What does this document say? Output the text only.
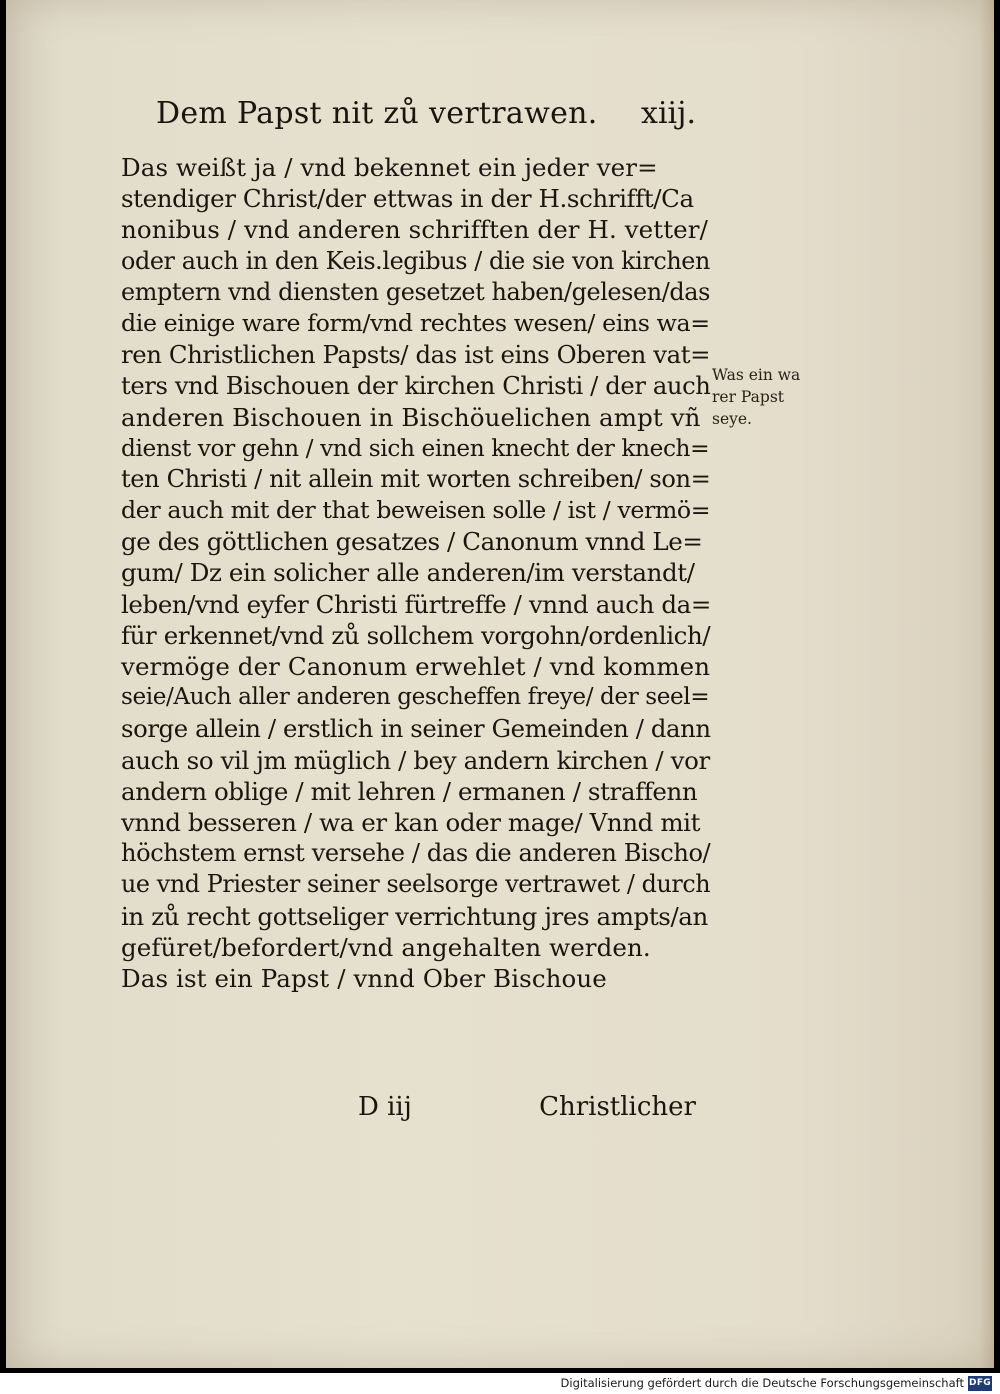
Dem Papst nit zů vertrawen. xiij.
Das weißt ja / vnd bekennet ein jeder ver=
stendiger Christ/der ettwas in der H.schrifft/Ca
nonibus / vnd anderen schrifften der H. vetter/
oder auch in den Keis.legibus / die sie von kirchen
emptern vnd diensten gesetzet haben/gelesen/das
die einige ware form/vnd rechtes wesen/ eins wa=
ren Christlichen Papsts/ das ist eins Oberen vat=
ters vnd Bischouen der kirchen Christi / der auch
anderen Bischouen in Bischöuelichen ampt vñ
dienst vor gehn / vnd sich einen knecht der knech=
ten Christi / nit allein mit worten schreiben/ son=
der auch mit der that beweisen solle / ist / vermö=
ge des göttlichen gesatzes / Canonum vnnd Le=
gum/ Dz ein solicher alle anderen/im verstandt/
leben/vnd eyfer Christi fürtreffe / vnnd auch da=
für erkennet/vnd zů sollchem vorgohn/ordenlich/
vermöge der Canonum erwehlet / vnd kommen
seie/Auch aller anderen gescheffen freye/ der seel=
sorge allein / erstlich in seiner Gemeinden / dann
auch so vil jm müglich / bey andern kirchen / vor
andern oblige / mit lehren / ermanen / straffenn
vnnd besseren / wa er kan oder mage/ Vnnd mit
höchstem ernst versehe / das die anderen Bischo/
ue vnd Priester seiner seelsorge vertrawet / durch
in zů recht gottseliger verrichtung jres ampts/an
gefüret/befordert/vnd angehalten werden.
Das ist ein Papst / vnnd Ober Bischoue
D iij	Christlicher
Was ein wa
rer Papst
seye.
Digitalisierung gefördert durch die Deutsche Forschungsgemeinschaft DFG
